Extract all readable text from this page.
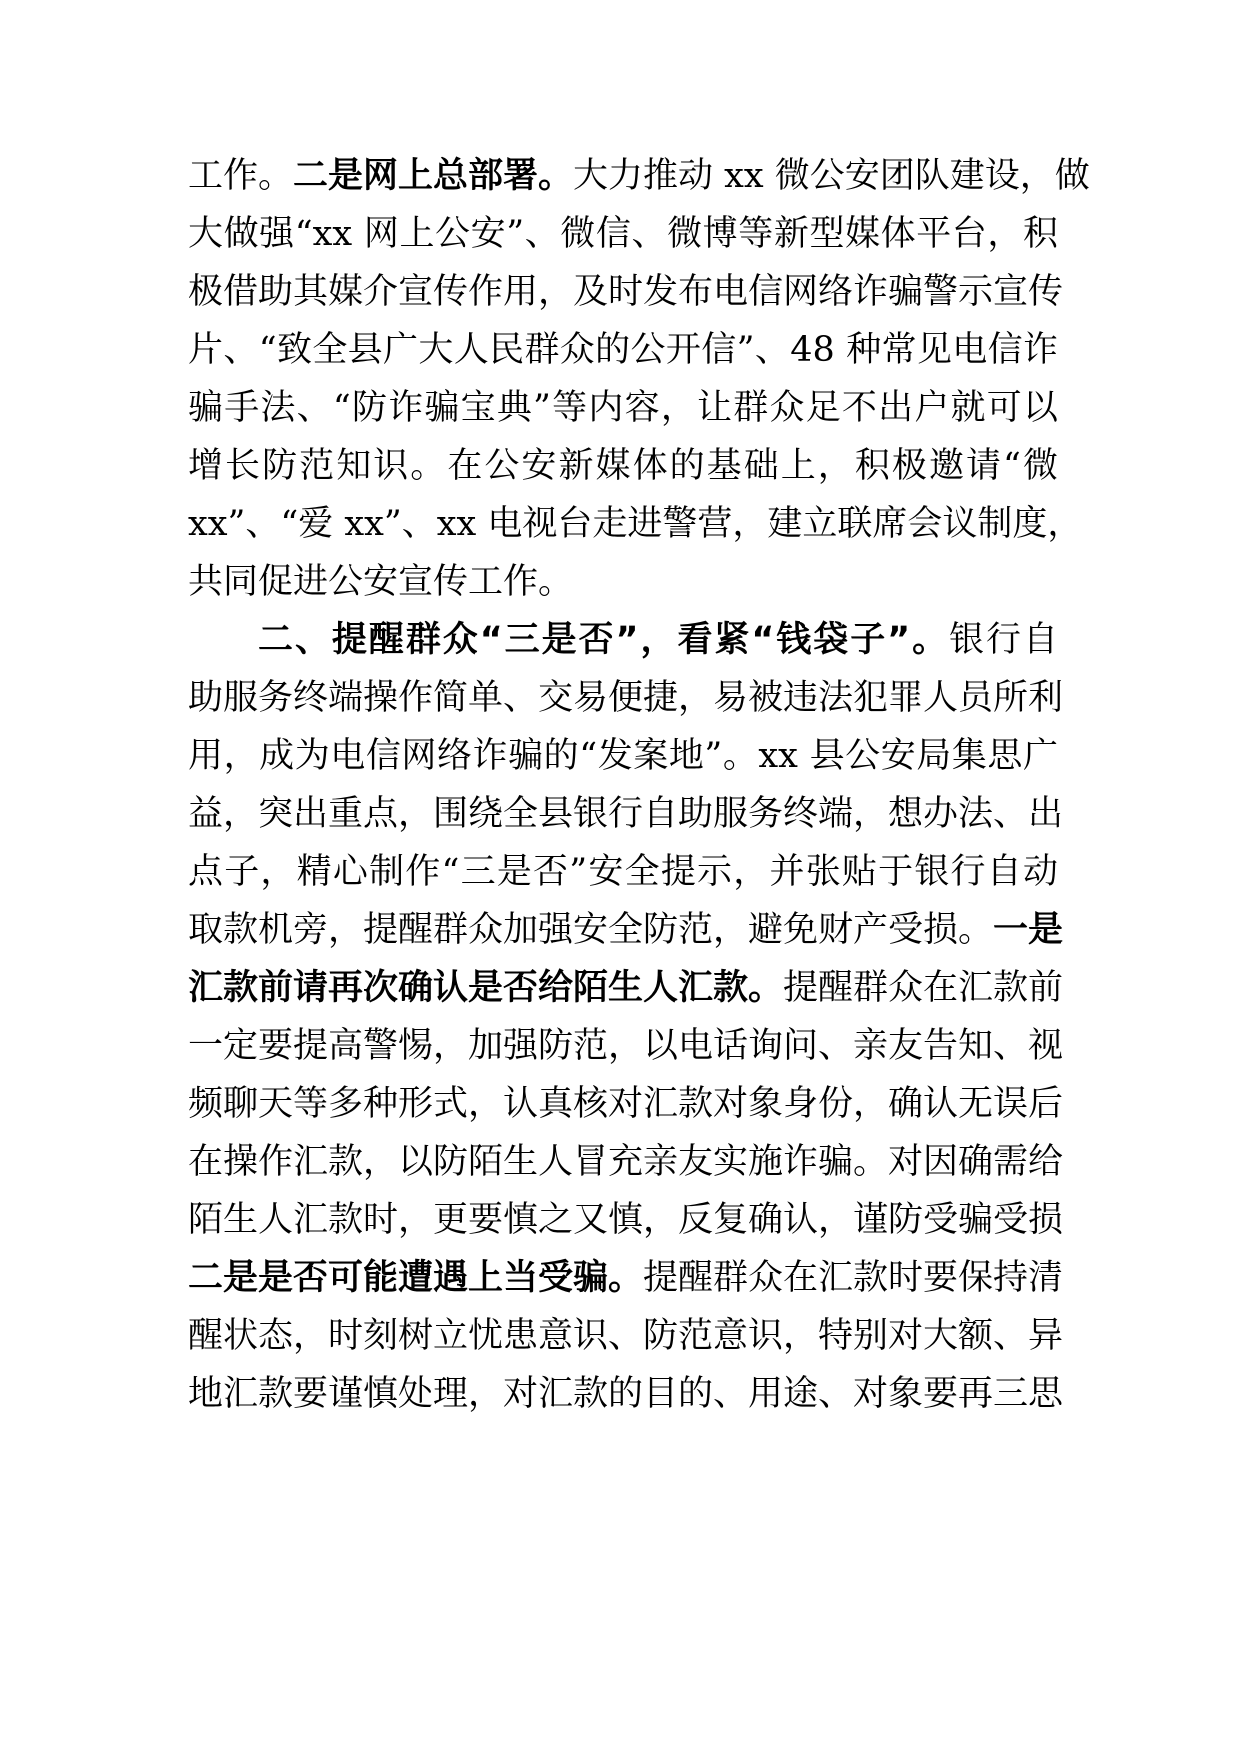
工作。二是网上总部署。大力推动 xx 微公安团队建设，做
大做强“xx 网上公安”、微信、微博等新型媒体平台，积
极借助其媒介宣传作用，及时发布电信网络诈骗警示宣传
片、“致全县广大人民群众的公开信”、48 种常见电信诈
骗手法、“防诈骗宝典”等内容，让群众足不出户就可以
增长防范知识。在公安新媒体的基础上，积极邀请“微
xx”、“爱 xx”、xx 电视台走进警营，建立联席会议制度，
共同促进公安宣传工作。
二、提醒群众“三是否”，看紧“钱袋子”。银行自
助服务终端操作简单、交易便捷，易被违法犯罪人员所利
用，成为电信网络诈骗的“发案地”。xx 县公安局集思广
益，突出重点，围绕全县银行自助服务终端，想办法、出
点子，精心制作“三是否”安全提示，并张贴于银行自动
取款机旁，提醒群众加强安全防范，避免财产受损。一是
汇款前请再次确认是否给陌生人汇款。提醒群众在汇款前
一定要提高警惕，加强防范，以电话询问、亲友告知、视
频聊天等多种形式，认真核对汇款对象身份，确认无误后
在操作汇款，以防陌生人冒充亲友实施诈骗。对因确需给
陌生人汇款时，更要慎之又慎，反复确认，谨防受骗受损
二是是否可能遭遇上当受骗。提醒群众在汇款时要保持清
醒状态，时刻树立忧患意识、防范意识，特别对大额、异
地汇款要谨慎处理，对汇款的目的、用途、对象要再三思
